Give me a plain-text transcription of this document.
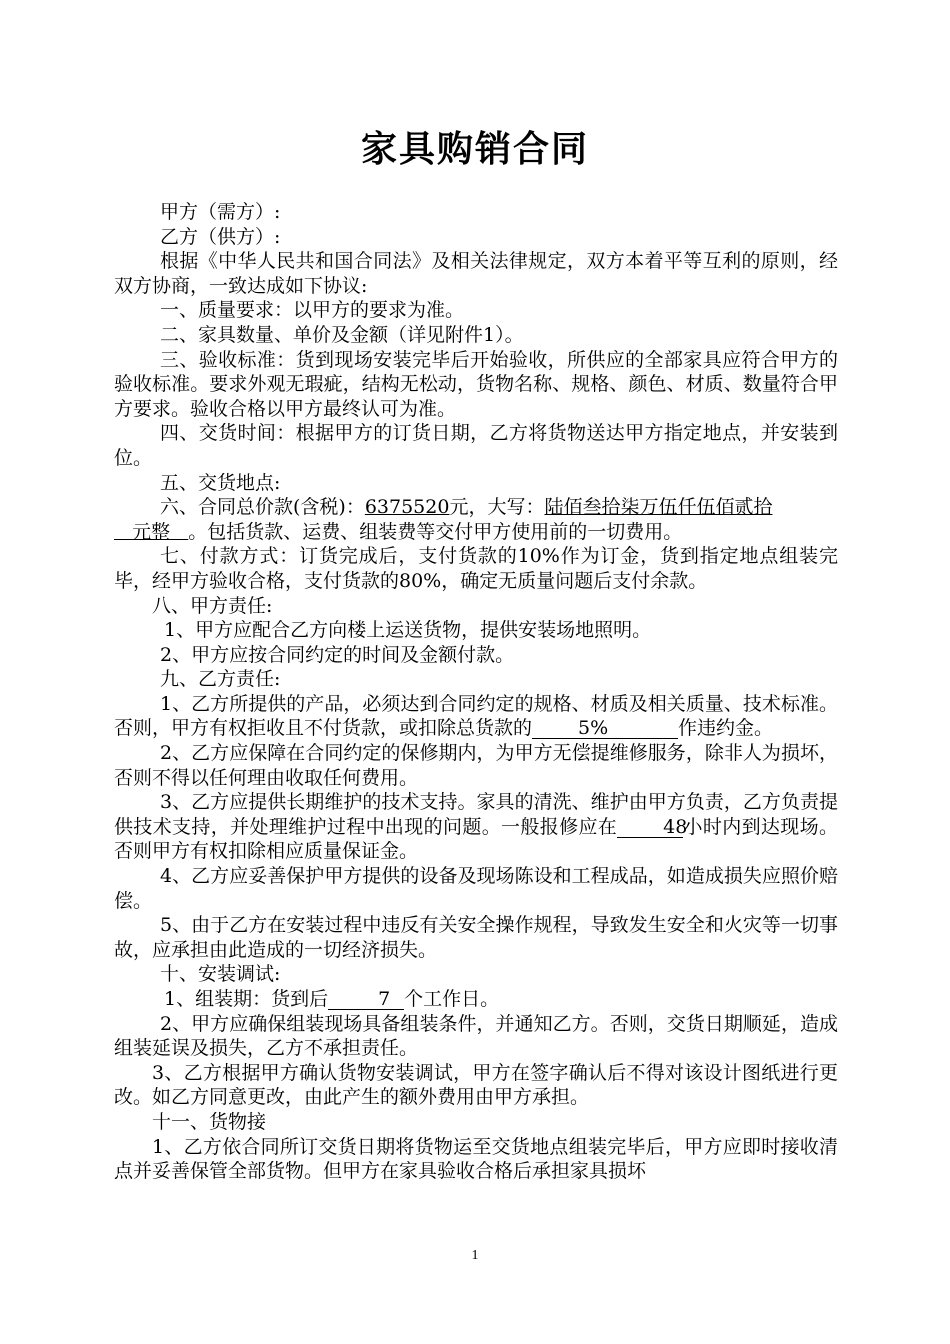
家具购销合同

甲方（需方）:

乙方（供方）:

根据《中华人民共和国合同法》及相关法律规定，双方本着平等互利的原则，经双方协商，一致达成如下协议:

一、质量要求：以甲方的要求为准。

二、家具数量、单价及金额（详见附件1）。

三、验收标准：货到现场安装完毕后开始验收，所供应的全部家具应符合甲方的验收标准。要求外观无瑕疵，结构无松动，货物名称、规格、颜色、材质、数量符合甲方要求。验收合格以甲方最终认可为准。

四、交货时间：根据甲方的订货日期，乙方将货物送达甲方指定地点，并安装到位。

五、交货地点:

六、合同总价款(含税)：6375520元，大写：陆佰叁拾柒万伍仟伍佰贰拾
元整 。包括货款、运费、组装费等交付甲方使用前的一切费用。

七、付款方式：订货完成后，支付货款的10%作为订金，货到指定地点组装完毕，经甲方验收合格，支付货款的80%，确定无质量问题后支付余款。

八、甲方责任:

1、甲方应配合乙方向楼上运送货物，提供安装场地照明。

2、甲方应按合同约定的时间及金额付款。

九、乙方责任:

1、乙方所提供的产品，必须达到合同约定的规格、材质及相关质量、技术标准。否则，甲方有权拒收且不付货款，或扣除总货款的 5%	作违约金。

2、乙方应保障在合同约定的保修期内，为甲方无偿提维修服务，除非人为损坏，否则不得以任何理由收取任何费用。

3、乙方应提供长期维护的技术支持。家具的清洗、维护由甲方负责，乙方负责提供技术支持，并处理维护过程中出现的问题。一般报修应在 48小时内到达现场。否则甲方有权扣除相应质量保证金。

4、乙方应妥善保护甲方提供的设备及现场陈设和工程成品，如造成损失应照价赔偿。

5、由于乙方在安装过程中违反有关安全操作规程，导致发生安全和火灾等一切事故，应承担由此造成的一切经济损失。

十、安装调试:

1、组装期：货到后	7 个工作日。

2、甲方应确保组装现场具备组装条件，并通知乙方。否则，交货日期顺延，造成组装延误及损失，乙方不承担责任。

3、乙方根据甲方确认货物安装调试，甲方在签字确认后不得对该设计图纸进行更改。如乙方同意更改，由此产生的额外费用由甲方承担。

十一、货物接

1、乙方依合同所订交货日期将货物运至交货地点组装完毕后，甲方应即时接收清点并妥善保管全部货物。但甲方在家具验收合格后承担家具损坏

1
